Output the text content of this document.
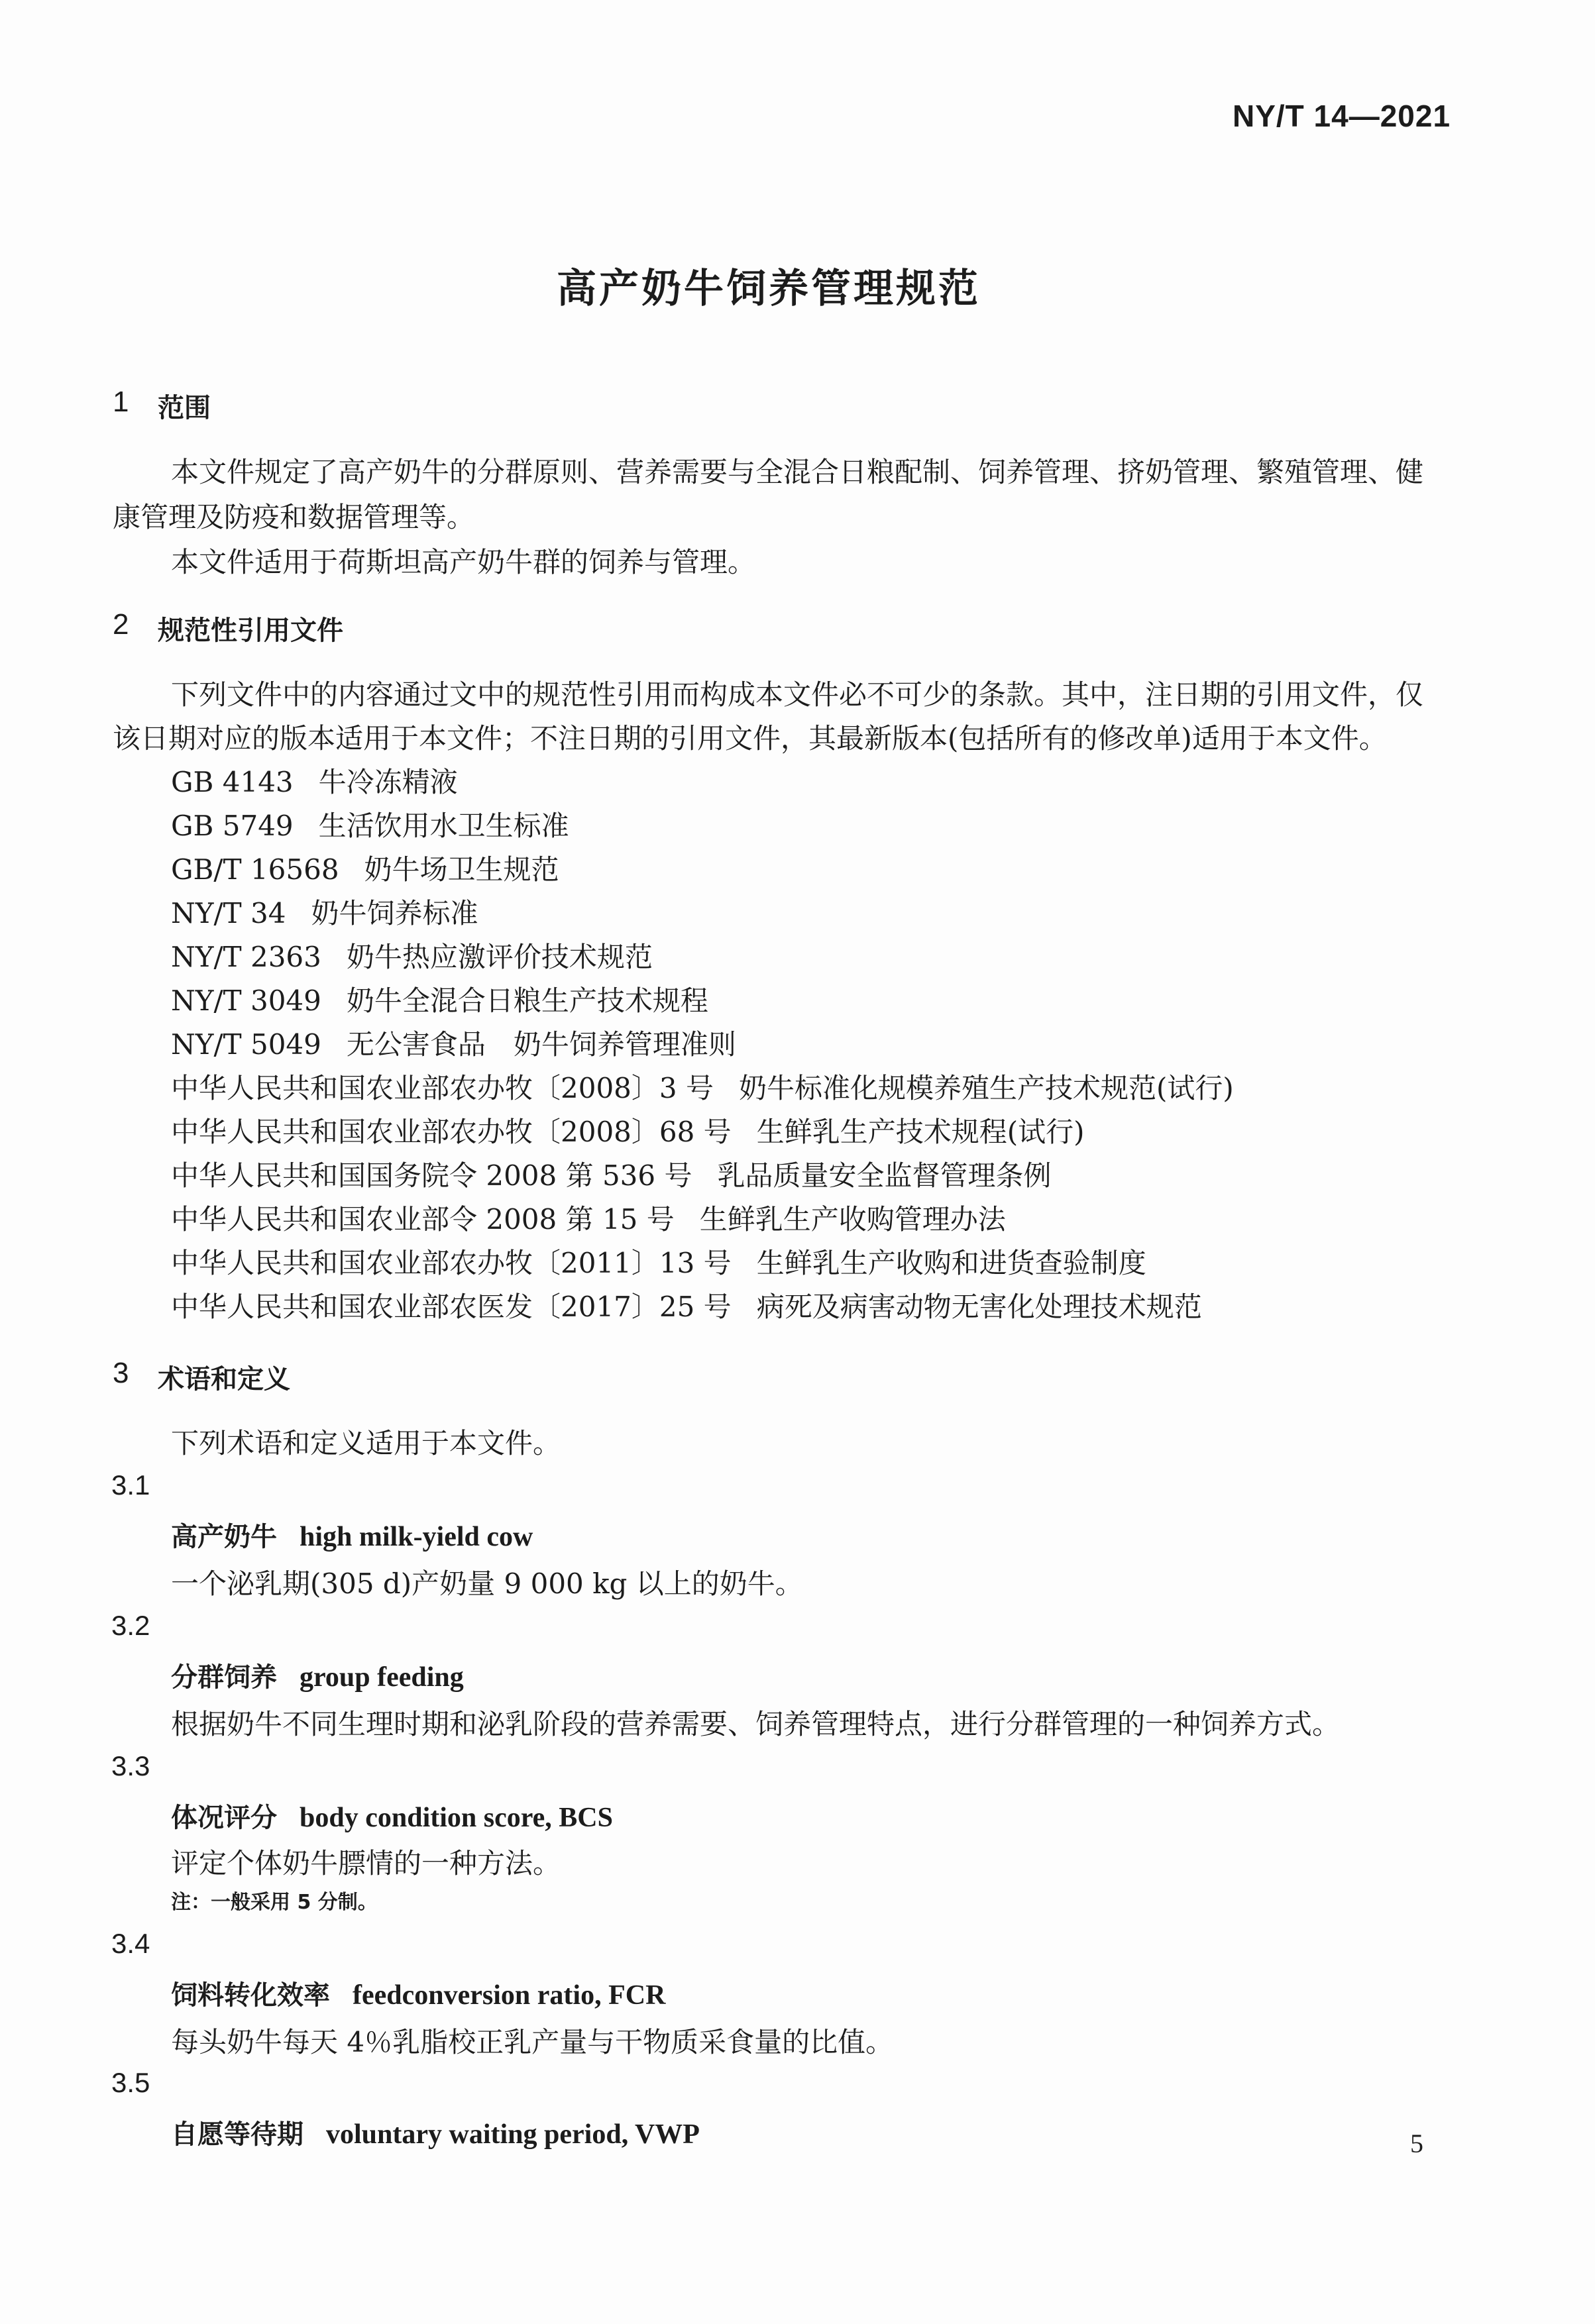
NY/T 14—2021
高产奶牛饲养管理规范
1 范围
本文件规定了高产奶牛的分群原则、营养需要与全混合日粮配制、饲养管理、挤奶管理、繁殖管理、健
康管理及防疫和数据管理等。
本文件适用于荷斯坦高产奶牛群的饲养与管理。
2 规范性引用文件
下列文件中的内容通过文中的规范性引用而构成本文件必不可少的条款。其中，注日期的引用文件，仅
该日期对应的版本适用于本文件；不注日期的引用文件，其最新版本(包括所有的修改单)适用于本文件。
GB 4143 牛冷冻精液
GB 5749 生活饮用水卫生标准
GB/T 16568 奶牛场卫生规范
NY/T 34 奶牛饲养标准
NY/T 2363 奶牛热应激评价技术规范
NY/T 3049 奶牛全混合日粮生产技术规程
NY/T 5049 无公害食品　奶牛饲养管理准则
中华人民共和国农业部农办牧〔2008〕3 号 奶牛标准化规模养殖生产技术规范(试行)
中华人民共和国农业部农办牧〔2008〕68 号 生鲜乳生产技术规程(试行)
中华人民共和国国务院令 2008 第 536 号 乳品质量安全监督管理条例
中华人民共和国农业部令 2008 第 15 号 生鲜乳生产收购管理办法
中华人民共和国农业部农办牧〔2011〕13 号 生鲜乳生产收购和进货查验制度
中华人民共和国农业部农医发〔2017〕25 号 病死及病害动物无害化处理技术规范
3 术语和定义
下列术语和定义适用于本文件。
3.1
高产奶牛 high milk-yield cow
一个泌乳期(305 d)产奶量 9 000 kg 以上的奶牛。
3.2
分群饲养 group feeding
根据奶牛不同生理时期和泌乳阶段的营养需要、饲养管理特点，进行分群管理的一种饲养方式。
3.3
体况评分 body condition score, BCS
评定个体奶牛膘情的一种方法。
注：一般采用 5 分制。
3.4
饲料转化效率 feedconversion ratio, FCR
每头奶牛每天 4％乳脂校正乳产量与干物质采食量的比值。
3.5
自愿等待期 voluntary waiting period, VWP	5
